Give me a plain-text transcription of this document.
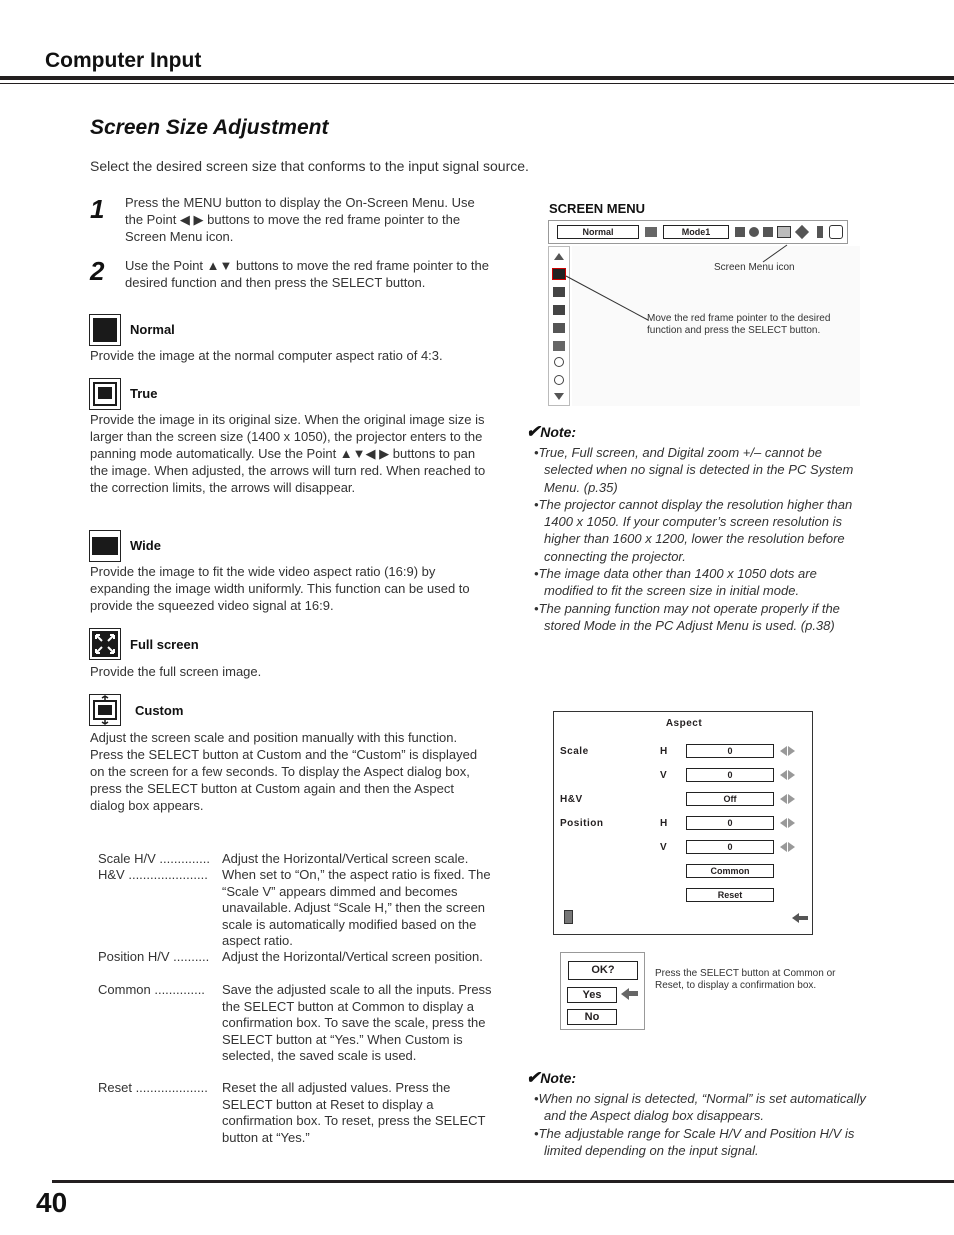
Computer Input
Screen Size Adjustment
Select the desired screen size that conforms to the input signal source.
1 Press the MENU button to display the On-Screen Menu. Use the Point ◀ ▶ buttons to move the red frame pointer to the Screen Menu icon.
2 Use the Point ▲▼ buttons to move the red frame pointer to the desired function and then press the SELECT button.
Normal
Provide the image at the normal computer aspect ratio of 4:3.
True
Provide the image in its original size. When the original image size is larger than the screen size (1400 x 1050), the projector enters to the panning mode automatically. Use the Point ▲▼◀ ▶ buttons to pan the image. When adjusted, the arrows will turn red. When reached to the correction limits, the arrows will disappear.
Wide
Provide the image to fit the wide video aspect ratio (16:9) by expanding the image width uniformly. This function can be used to provide the squeezed video signal at 16:9.
Full screen
Provide the full screen image.
Custom
Adjust the screen scale and position manually with this function.
Press the SELECT button at Custom and the “Custom” is displayed on the screen for a few seconds. To display the Aspect dialog box, press the SELECT button at Custom again and then the Aspect dialog box appears.
Scale H/V .............. Adjust the Horizontal/Vertical screen scale.
H&V ......................	When set to “On,” the aspect ratio is fixed. The “Scale V” appears dimmed and becomes unavailable. Adjust “Scale H,” then the screen scale is automatically modified based on the aspect ratio.
Position H/V .......... Adjust the Horizontal/Vertical screen position.
Common ..............	Save the adjusted scale to all the inputs. Press the SELECT button at Common to display a confirmation box. To save the scale, press the SELECT button at “Yes.” When Custom is selected, the saved scale is used.
Reset ....................	Reset the all adjusted values. Press the SELECT button at Reset to display a confirmation box. To reset, press the SELECT button at “Yes.”
SCREEN MENU
Normal	Mode1
Screen Menu icon
Move the red frame pointer to the desired function and press the SELECT button.
✔Note:
•True, Full screen, and Digital zoom +/– cannot be selected when no signal is detected in the PC System Menu. (p.35)
•The projector cannot display the resolution higher than 1400 x 1050. If your computer’s screen resolution is higher than 1600 x 1200, lower the resolution before connecting the projector.
•The image data other than 1400 x 1050 dots are modified to fit the screen size in initial mode.
•The panning function may not operate properly if the stored Mode in the PC Adjust Menu is used. (p.38)
Aspect
Scale	H	0
V	0
H&V	Off
Position	H	0
V	0
Common
Reset
OK?
Yes
No
Press the SELECT button at Common or Reset, to display a confirmation box.
✔Note:
•When no signal is detected, “Normal” is set automatically and the Aspect dialog box disappears.
•The adjustable range for Scale H/V and Position H/V is limited depending on the input signal.
40
